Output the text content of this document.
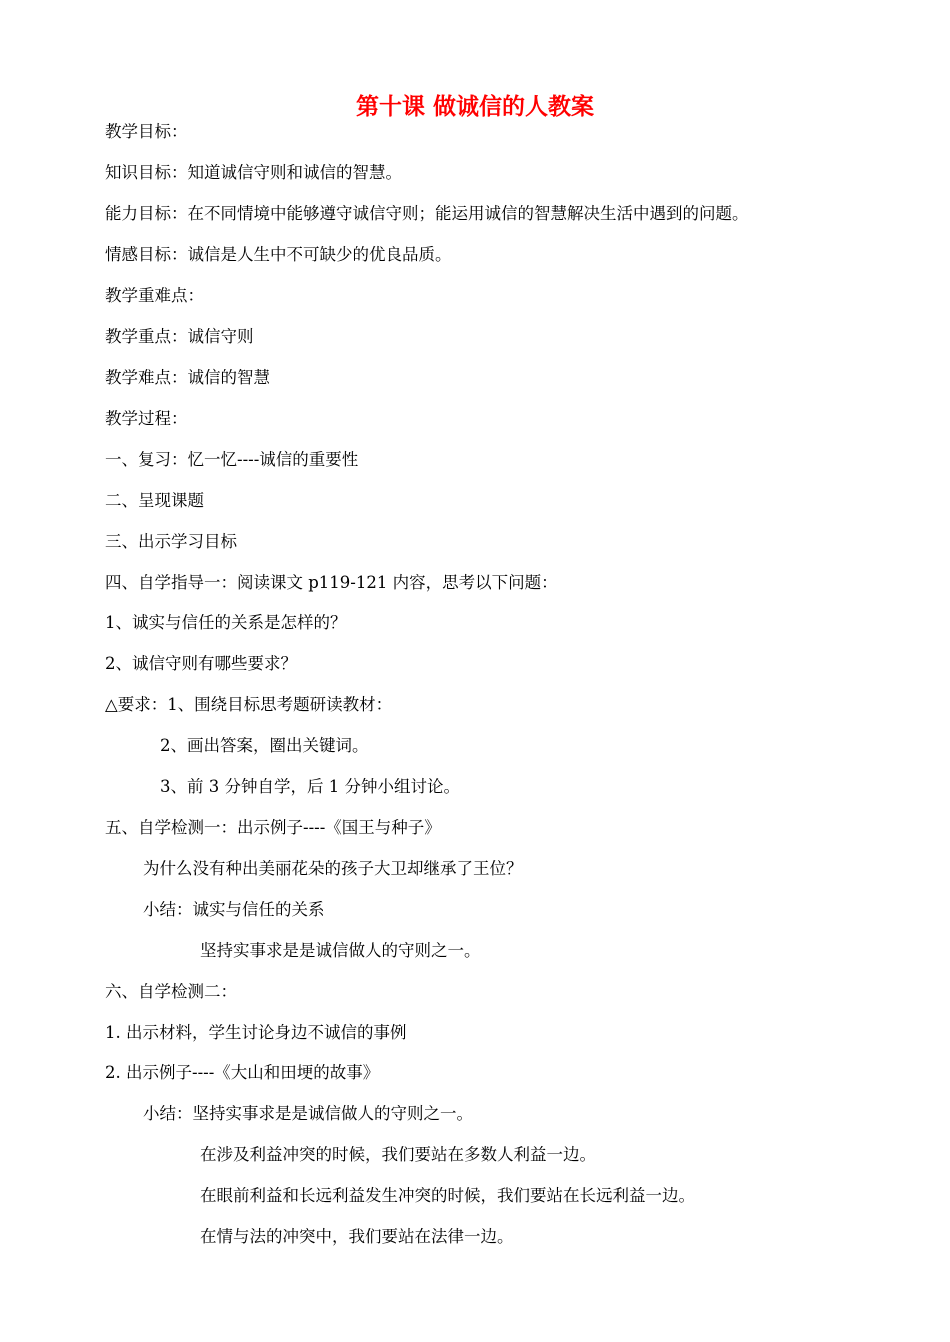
第十课 做诚信的人教案

教学目标：

知识目标：知道诚信守则和诚信的智慧。

能力目标：在不同情境中能够遵守诚信守则；能运用诚信的智慧解决生活中遇到的问题。

情感目标：诚信是人生中不可缺少的优良品质。

教学重难点：

教学重点：诚信守则

教学难点：诚信的智慧

教学过程：

一、复习：忆一忆----诚信的重要性

二、呈现课题

三、出示学习目标

四、自学指导一：阅读课文 p119-121 内容，思考以下问题：

1、诚实与信任的关系是怎样的？

2、诚信守则有哪些要求？

△要求：1、围绕目标思考题研读教材：

2、画出答案，圈出关键词。

3、前 3 分钟自学，后 1 分钟小组讨论。

五、自学检测一：出示例子----《国王与种子》

为什么没有种出美丽花朵的孩子大卫却继承了王位？

小结：诚实与信任的关系

坚持实事求是是诚信做人的守则之一。

六、自学检测二：

1. 出示材料，学生讨论身边不诚信的事例

2. 出示例子----《大山和田埂的故事》

小结：坚持实事求是是诚信做人的守则之一。

在涉及利益冲突的时候，我们要站在多数人利益一边。

在眼前利益和长远利益发生冲突的时候，我们要站在长远利益一边。

在情与法的冲突中，我们要站在法律一边。
